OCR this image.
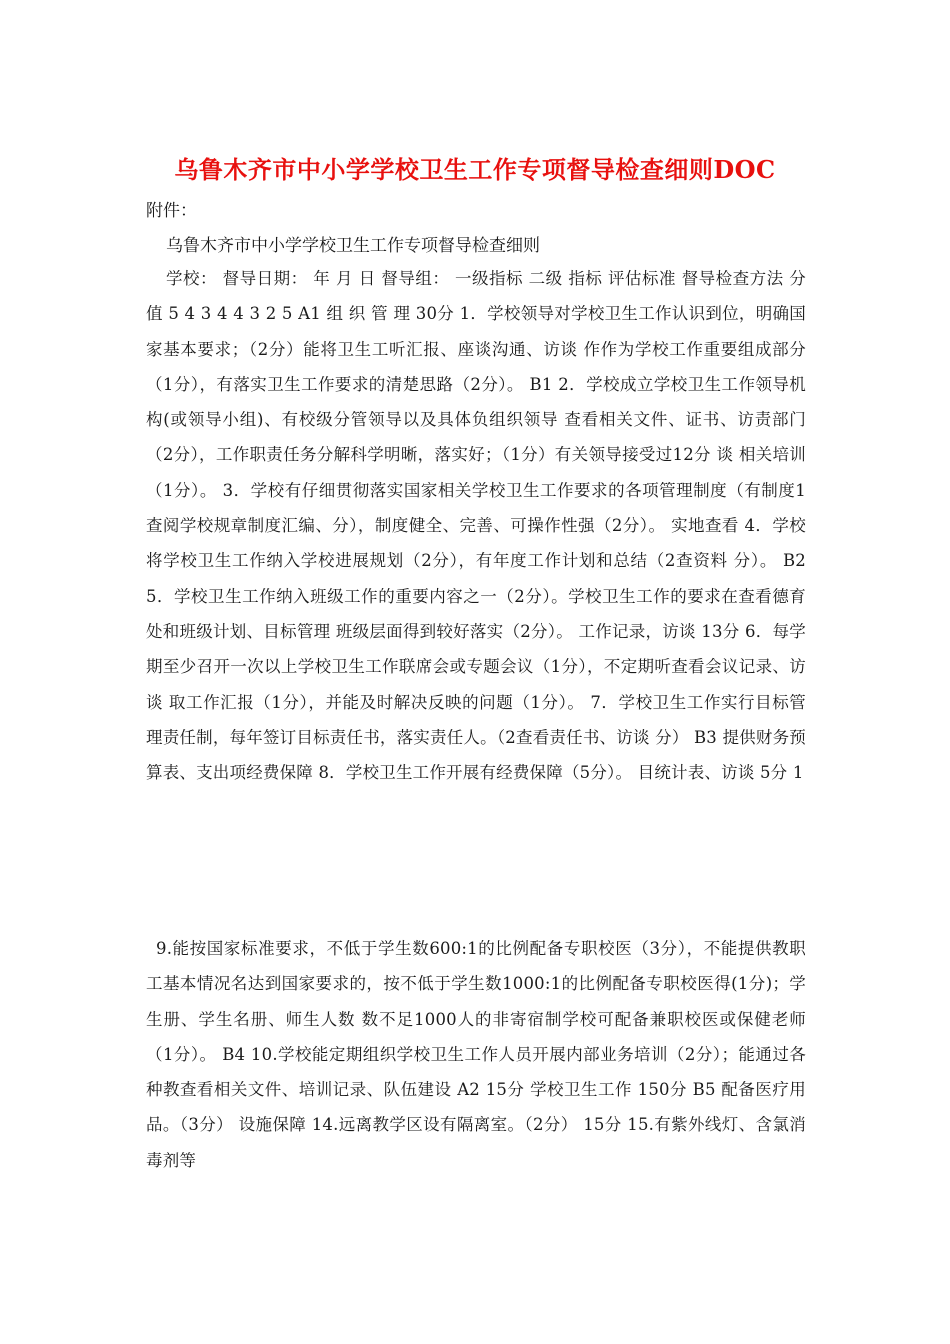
乌鲁木齐市中小学学校卫生工作专项督导检查细则DOC
附件：
乌鲁木齐市中小学学校卫生工作专项督导检查细则
学校： 督导日期： 年 月 日 督导组： 一级指标 二级 指标 评估标准 督导检查方法 分值 5 4 3 4 4 3 2 5 A1 组 织 管 理 30分 1．学校领导对学校卫生工作认识到位，明确国家基本要求；（2分）能将卫生工听汇报、座谈沟通、访谈 作作为学校工作重要组成部分（1分），有落实卫生工作要求的清楚思路（2分）。 B1 2．学校成立学校卫生工作领导机构(或领导小组)、有校级分管领导以及具体负组织领导 查看相关文件、证书、访责部门（2分），工作职责任务分解科学明晰，落实好；（1分）有关领导接受过12分 谈 相关培训（1分）。 3．学校有仔细贯彻落实国家相关学校卫生工作要求的各项管理制度（有制度1查阅学校规章制度汇编、分），制度健全、完善、可操作性强（2分）。 实地查看 4．学校将学校卫生工作纳入学校进展规划（2分），有年度工作计划和总结（2查资料 分）。 B2 5．学校卫生工作纳入班级工作的重要内容之一（2分）。学校卫生工作的要求在查看德育处和班级计划、目标管理 班级层面得到较好落实（2分）。 工作记录，访谈 13分 6．每学期至少召开一次以上学校卫生工作联席会或专题会议（1分），不定期听查看会议记录、访谈 取工作汇报（1分），并能及时解决反映的问题（1分）。 7．学校卫生工作实行目标管理责任制，每年签订目标责任书，落实责任人。（2查看责任书、访谈 分） B3 提供财务预算表、支出项经费保障 8．学校卫生工作开展有经费保障（5分）。 目统计表、访谈 5分 1
9.能按国家标准要求，不低于学生数600:1的比例配备专职校医（3分），不能提供教职工基本情况名达到国家要求的，按不低于学生数1000:1的比例配备专职校医得(1分)；学生册、学生名册、师生人数 数不足1000人的非寄宿制学校可配备兼职校医或保健老师（1分）。 B4 10.学校能定期组织学校卫生工作人员开展内部业务培训（2分）；能通过各种教查看相关文件、培训记录、队伍建设 A2 15分 学校卫生工作 150分 B5 配备医疗用品。（3分） 设施保障 14.远离教学区设有隔离室。（2分） 15分 15.有紫外线灯、含氯消毒剂等
